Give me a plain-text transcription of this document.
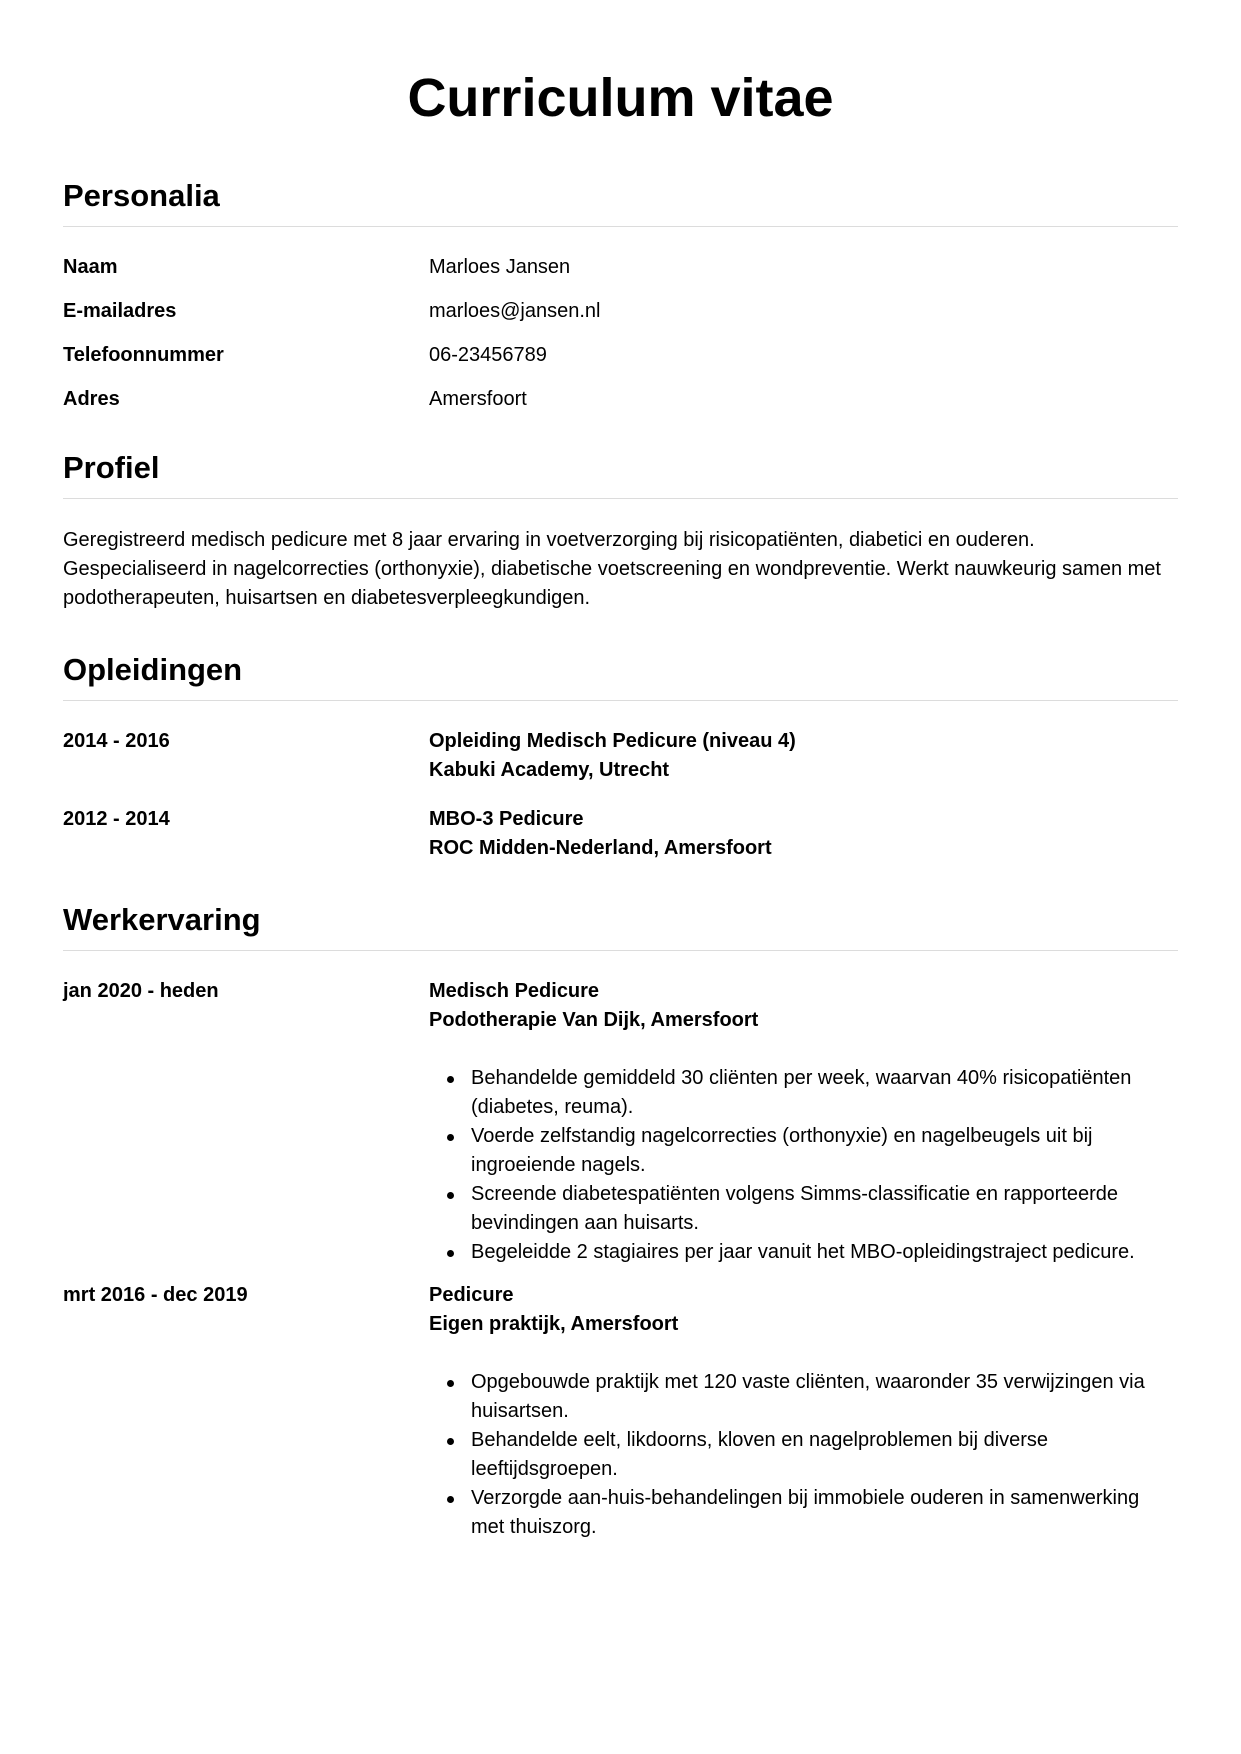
Curriculum vitae
Personalia
Naam	Marloes Jansen
E-mailadres	marloes@jansen.nl
Telefoonnummer	06-23456789
Adres	Amersfoort
Profiel

Geregistreerd medisch pedicure met 8 jaar ervaring in voetverzorging bij risicopatiënten, diabetici en ouderen. Gespecialiseerd in nagelcorrecties (orthonyxie), diabetische voetscreening en wondpreventie. Werkt nauwkeurig samen met podotherapeuten, huisartsen en diabetesverpleegkundigen.

Opleidingen
2014 - 2016	Opleiding Medisch Pedicure (niveau 4)
Kabuki Academy, Utrecht
2012 - 2014	MBO-3 Pedicure
ROC Midden-Nederland, Amersfoort
Werkervaring
jan 2020 - heden	Medisch Pedicure
Podotherapie Van Dijk, Amersfoort
Behandelde gemiddeld 30 cliënten per week, waarvan 40% risicopatiënten (diabetes, reuma).
Voerde zelfstandig nagelcorrecties (orthonyxie) en nagelbeugels uit bij ingroeiende nagels.
Screende diabetespatiënten volgens Simms-classificatie en rapporteerde bevindingen aan huisarts.
Begeleidde 2 stagiaires per jaar vanuit het MBO-opleidingstraject pedicure.
mrt 2016 - dec 2019	Pedicure
Eigen praktijk, Amersfoort
Opgebouwde praktijk met 120 vaste cliënten, waaronder 35 verwijzingen via huisartsen.
Behandelde eelt, likdoorns, kloven en nagelproblemen bij diverse leeftijdsgroepen.
Verzorgde aan-huis-behandelingen bij immobiele ouderen in samenwerking met thuiszorg.
